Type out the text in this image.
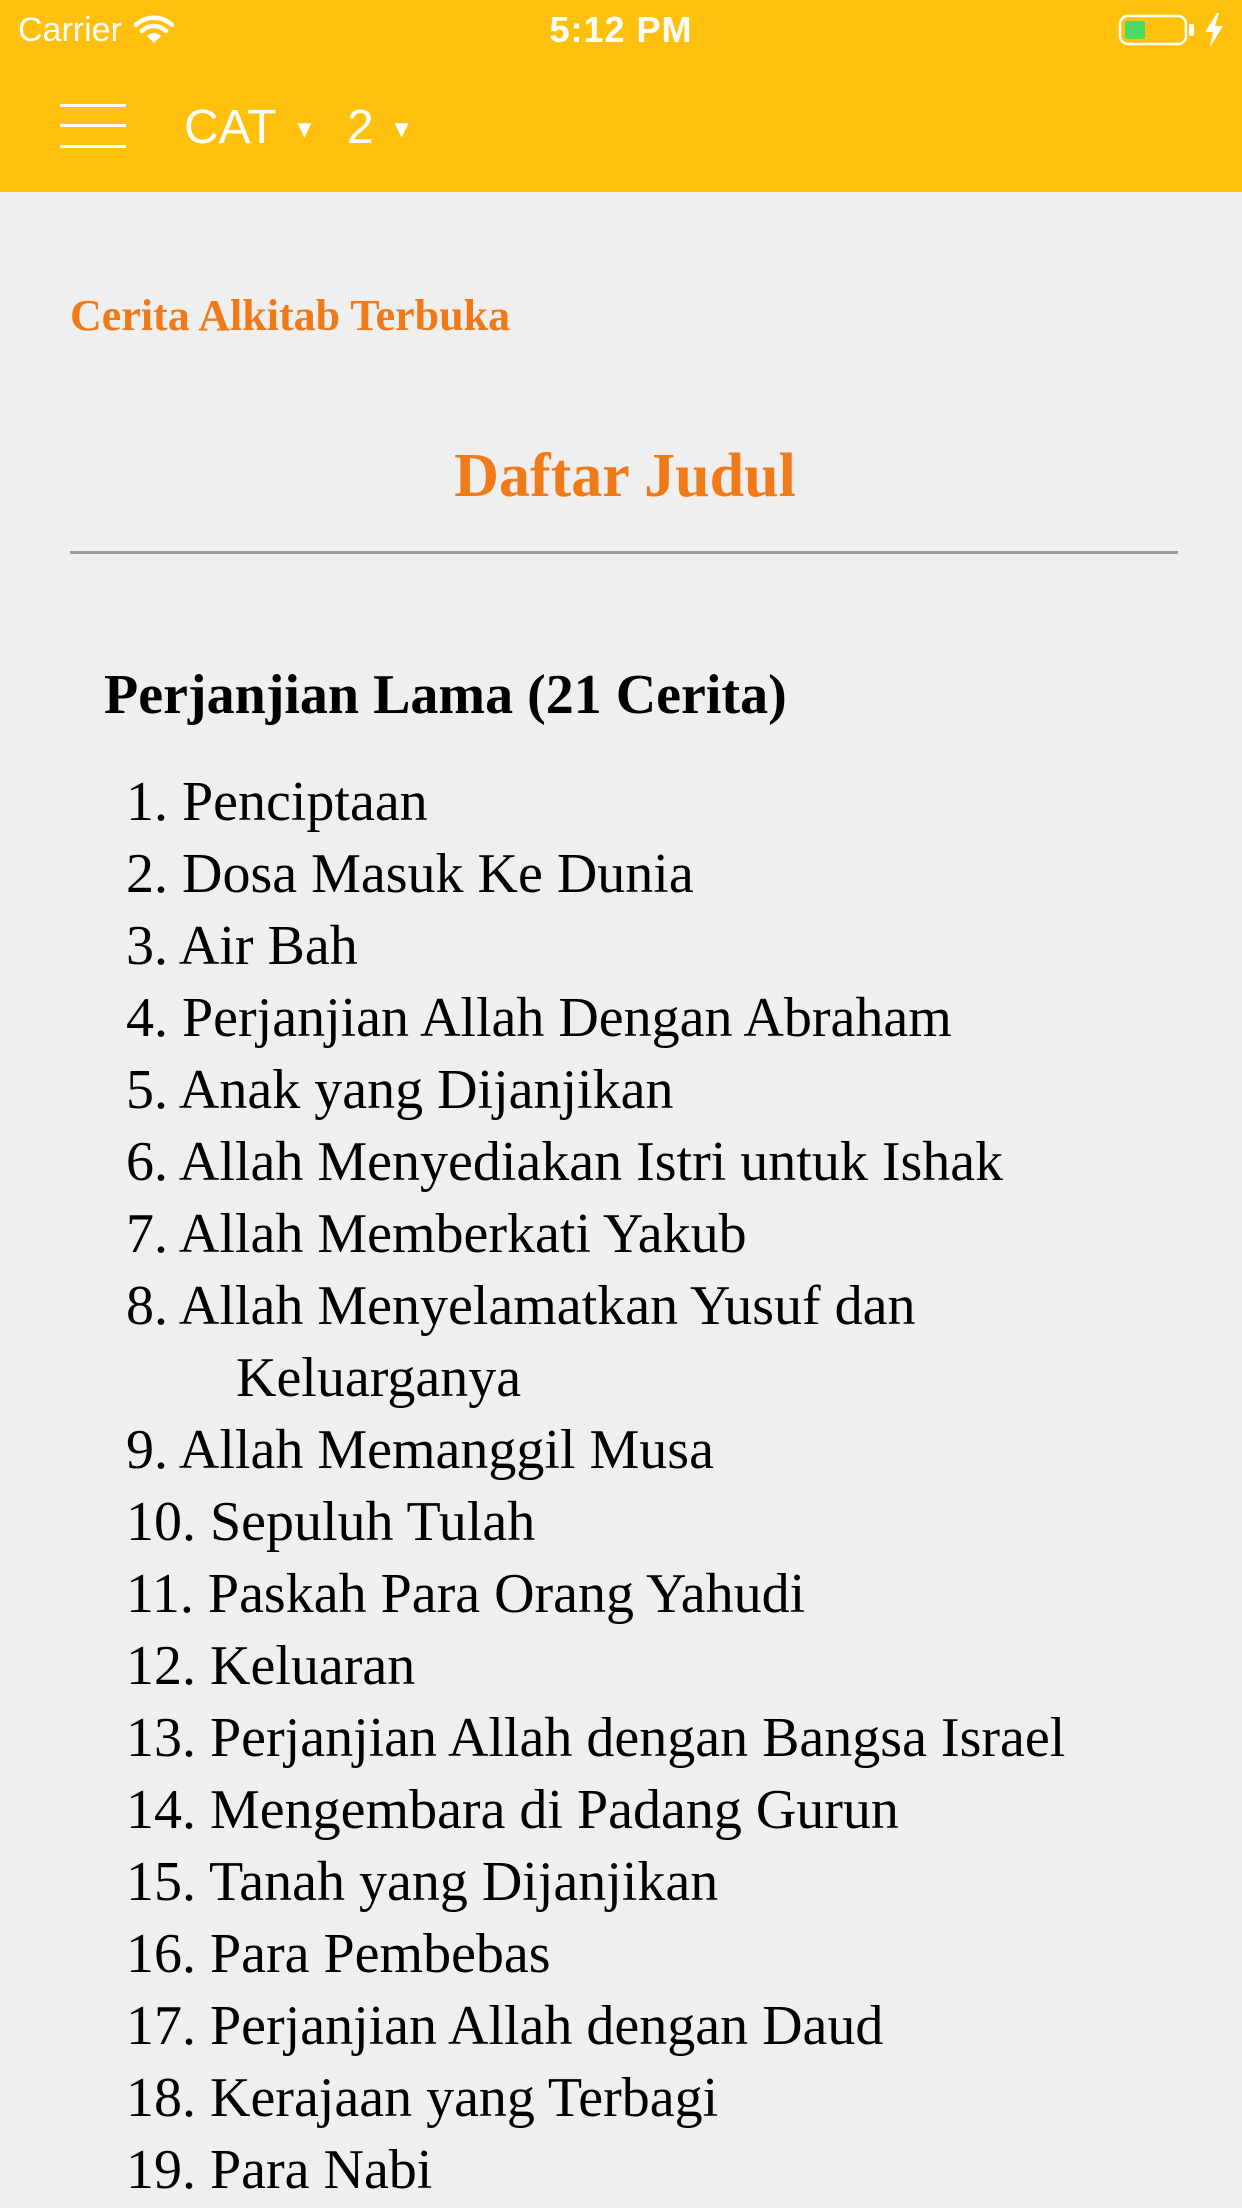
Carrier	5:12 PM
CAT ▼ 2 ▼
Cerita Alkitab Terbuka
Daftar Judul
Perjanjian Lama (21 Cerita)
1. Penciptaan
2. Dosa Masuk Ke Dunia
3. Air Bah
4. Perjanjian Allah Dengan Abraham
5. Anak yang Dijanjikan
6. Allah Menyediakan Istri untuk Ishak
7. Allah Memberkati Yakub
8. Allah Menyelamatkan Yusuf dan
Keluarganya
9. Allah Memanggil Musa
10. Sepuluh Tulah
11. Paskah Para Orang Yahudi
12. Keluaran
13. Perjanjian Allah dengan Bangsa Israel
14. Mengembara di Padang Gurun
15. Tanah yang Dijanjikan
16. Para Pembebas
17. Perjanjian Allah dengan Daud
18. Kerajaan yang Terbagi
19. Para Nabi
